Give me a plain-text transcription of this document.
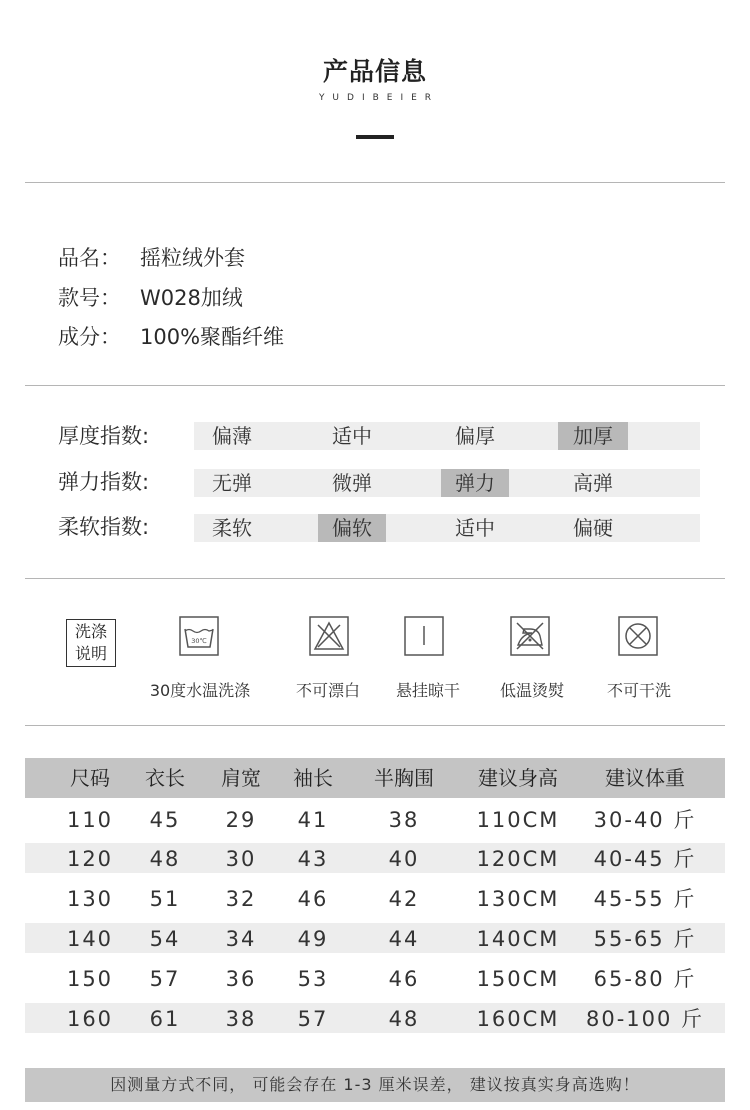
产品信息
YUDIBEIER
品名： 摇粒绒外套
款号： W028加绒
成分： 100%聚酯纤维
厚度指数:	偏薄	适中	偏厚	加厚
弹力指数:	无弹	微弹	弹力	高弹
柔软指数:	柔软	偏软	适中	偏硬
洗涤
说明
30℃
30度水温洗涤	不可漂白	悬挂晾干	低温烫熨	不可干洗
尺码	衣长	肩宽	袖长	半胸围	建议身高	建议体重
110	45	29	41	38	110CM	30-40 斤
120	48	30	43	40	120CM	40-45 斤
130	51	32	46	42	130CM	45-55 斤
140	54	34	49	44	140CM	55-65 斤
150	57	36	53	46	150CM	65-80 斤
160	61	38	57	48	160CM	80-100 斤
因测量方式不同， 可能会存在 1-3 厘米误差， 建议按真实身高选购！
